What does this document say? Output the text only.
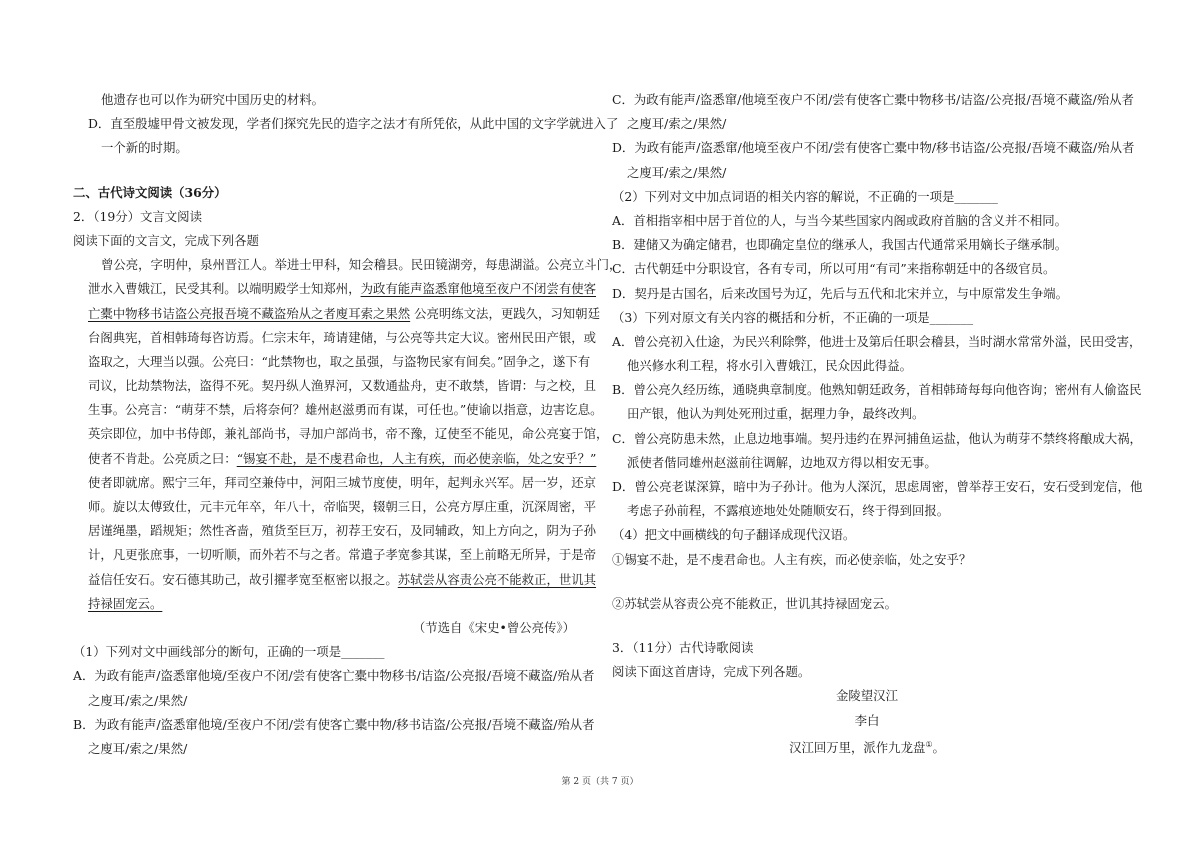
他遗存也可以作为研究中国历史的材料。
D．直至殷墟甲骨文被发现，学者们探究先民的造字之法才有所凭依，从此中国的文字学就进入了
一个新的时期。
二、古代诗文阅读（36分）
2．（19分）文言文阅读
阅读下面的文言文，完成下列各题
曾公亮，字明仲，泉州晋江人。举进士甲科，知会稽县。民田镜湖旁，每患湖溢。公亮立斗门，
泄水入曹娥江，民受其利。以端明殿学士知郑州，为政有能声盗悉窜他境至夜户不闭尝有使客
亡橐中物移书诘盗公亮报吾境不藏盗殆从之者廋耳索之果然 公亮明练文法，更践久，习知朝廷
台阁典宪，首相韩琦每咨访焉。仁宗末年，琦请建储，与公亮等共定大议。密州民田产银，或
盗取之，大理当以强。公亮曰：“此禁物也，取之虽强，与盗物民家有间矣。”固争之，遂下有
司议，比劫禁物法，盗得不死。契丹纵人渔界河，又数通盐舟，吏不敢禁，皆谓：与之校，且
生事。公亮言：“萌芽不禁，后将奈何？雄州赵滋勇而有谋，可任也。”使谕以指意，边害讫息。
英宗即位，加中书侍郎，兼礼部尚书，寻加户部尚书，帝不豫，辽使至不能见，命公亮宴于馆，
使者不肯赴。公亮质之曰：“锡宴不赴，是不虔君命也，人主有疾，而必使亲临，处之安乎？”
使者即就席。熙宁三年，拜司空兼侍中，河阳三城节度使，明年，起判永兴军。居一岁，还京
师。旋以太傅致仕，元丰元年卒，年八十，帝临哭，辍朝三日，公亮方厚庄重，沉深周密，平
居谨绳墨，蹈规矩；然性吝啬，殖货至巨万，初荐王安石，及同辅政，知上方向之，阴为子孙
计，凡更张庶事，一切听顺，而外若不与之者。常遣子孝宽参其谋，至上前略无所异，于是帝
益信任安石。安石德其助己，故引擢孝宽至枢密以报之。苏轼尝从容责公亮不能救正，世讥其
持禄固宠云。
（节选自《宋史•曾公亮传》）
（1）下列对文中画线部分的断句，正确的一项是_______
A．为政有能声/盗悉窜他境/至夜户不闭/尝有使客亡橐中物移书/诘盗/公亮报/吾境不藏盗/殆从者
之廋耳/索之/果然/
B．为政有能声/盗悉窜他境/至夜户不闭/尝有使客亡橐中物/移书诘盗/公亮报/吾境不藏盗/殆从者
之廋耳/索之/果然/
C．为政有能声/盗悉窜/他境至夜户不闭/尝有使客亡橐中物移书/诘盗/公亮报/吾境不藏盗/殆从者
之廋耳/索之/果然/
D．为政有能声/盗悉窜/他境至夜户不闭/尝有使客亡橐中物/移书诘盗/公亮报/吾境不藏盗/殆从者
之廋耳/索之/果然/
（2）下列对文中加点词语的相关内容的解说，不正确的一项是_______
A．首相指宰相中居于首位的人，与当今某些国家内阁或政府首脑的含义并不相同。
B．建储又为确定储君，也即确定皇位的继承人，我国古代通常采用嫡长子继承制。
C．古代朝廷中分职设官，各有专司，所以可用“有司”来指称朝廷中的各级官员。
D．契丹是古国名，后来改国号为辽，先后与五代和北宋并立，与中原常发生争端。
（3）下列对原文有关内容的概括和分析，不正确的一项是_______
A．曾公亮初入仕途，为民兴利除弊，他进士及第后任职会稽县，当时湖水常常外溢，民田受害，
他兴修水利工程，将水引入曹娥江，民众因此得益。
B．曾公亮久经历练，通晓典章制度。他熟知朝廷政务，首相韩琦每每向他咨询；密州有人偷盗民
田产银，他认为判处死刑过重，据理力争，最终改判。
C．曾公亮防患未然，止息边地事端。契丹违约在界河捕鱼运盐，他认为萌芽不禁终将酿成大祸，
派使者偕同雄州赵滋前往调解，边地双方得以相安无事。
D．曾公亮老谋深算，暗中为子孙计。他为人深沉，思虑周密，曾举荐王安石，安石受到宠信，他
考虑子孙前程，不露痕迹地处处随顺安石，终于得到回报。
（4）把文中画横线的句子翻译成现代汉语。
①锡宴不赴，是不虔君命也。人主有疾，而必使亲临，处之安乎？
②苏轼尝从容责公亮不能救正，世讥其持禄固宠云。
3．（11分）古代诗歌阅读
阅读下面这首唐诗，完成下列各题。
金陵望汉江
李白
汉江回万里，派作九龙盘①。
第 2 页（共 7 页）
